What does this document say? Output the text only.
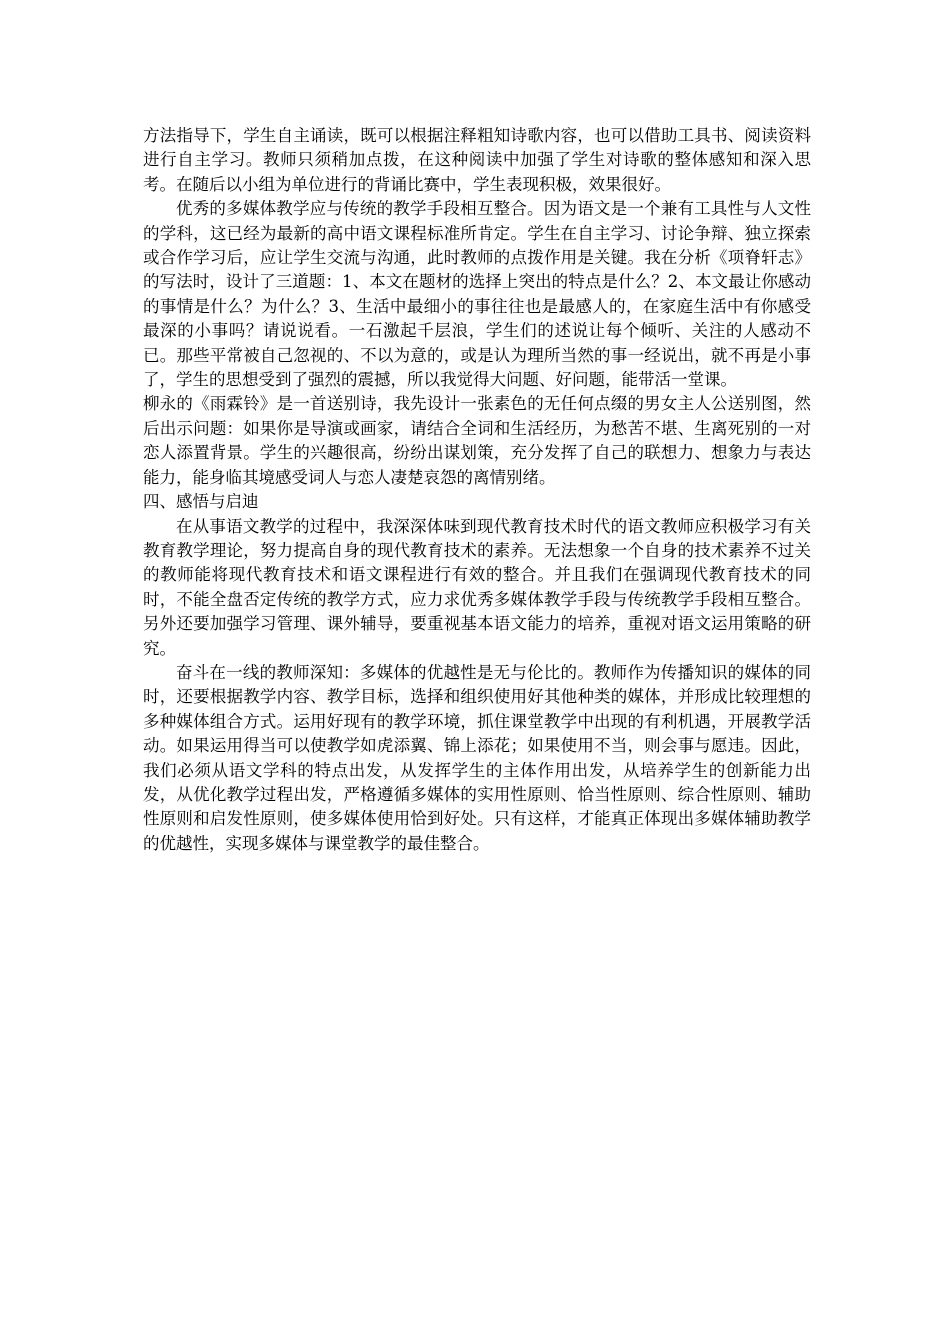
方法指导下，学生自主诵读，既可以根据注释粗知诗歌内容，也可以借助工具书、阅读资料进行自主学习。教师只须稍加点拨，在这种阅读中加强了学生对诗歌的整体感知和深入思考。在随后以小组为单位进行的背诵比赛中，学生表现积极，效果很好。

优秀的多媒体教学应与传统的教学手段相互整合。因为语文是一个兼有工具性与人文性的学科，这已经为最新的高中语文课程标准所肯定。学生在自主学习、讨论争辩、独立探索或合作学习后，应让学生交流与沟通，此时教师的点拨作用是关键。我在分析《项脊轩志》的写法时，设计了三道题：1、本文在题材的选择上突出的特点是什么？2、本文最让你感动的事情是什么？为什么？3、生活中最细小的事往往也是最感人的，在家庭生活中有你感受最深的小事吗？请说说看。一石激起千层浪，学生们的述说让每个倾听、关注的人感动不已。那些平常被自己忽视的、不以为意的，或是认为理所当然的事一经说出，就不再是小事了，学生的思想受到了强烈的震撼，所以我觉得大问题、好问题，能带活一堂课。

柳永的《雨霖铃》是一首送别诗，我先设计一张素色的无任何点缀的男女主人公送别图，然后出示问题：如果你是导演或画家，请结合全词和生活经历，为愁苦不堪、生离死别的一对恋人添置背景。学生的兴趣很高，纷纷出谋划策，充分发挥了自己的联想力、想象力与表达能力，能身临其境感受词人与恋人凄楚哀怨的离情别绪。

四、感悟与启迪

在从事语文教学的过程中，我深深体味到现代教育技术时代的语文教师应积极学习有关教育教学理论，努力提高自身的现代教育技术的素养。无法想象一个自身的技术素养不过关的教师能将现代教育技术和语文课程进行有效的整合。并且我们在强调现代教育技术的同时，不能全盘否定传统的教学方式，应力求优秀多媒体教学手段与传统教学手段相互整合。另外还要加强学习管理、课外辅导，要重视基本语文能力的培养，重视对语文运用策略的研究。

奋斗在一线的教师深知：多媒体的优越性是无与伦比的。教师作为传播知识的媒体的同时，还要根据教学内容、教学目标，选择和组织使用好其他种类的媒体，并形成比较理想的多种媒体组合方式。运用好现有的教学环境，抓住课堂教学中出现的有利机遇，开展教学活动。如果运用得当可以使教学如虎添翼、锦上添花；如果使用不当，则会事与愿违。因此，我们必须从语文学科的特点出发，从发挥学生的主体作用出发，从培养学生的创新能力出发，从优化教学过程出发，严格遵循多媒体的实用性原则、恰当性原则、综合性原则、辅助性原则和启发性原则，使多媒体使用恰到好处。只有这样，才能真正体现出多媒体辅助教学的优越性，实现多媒体与课堂教学的最佳整合。
